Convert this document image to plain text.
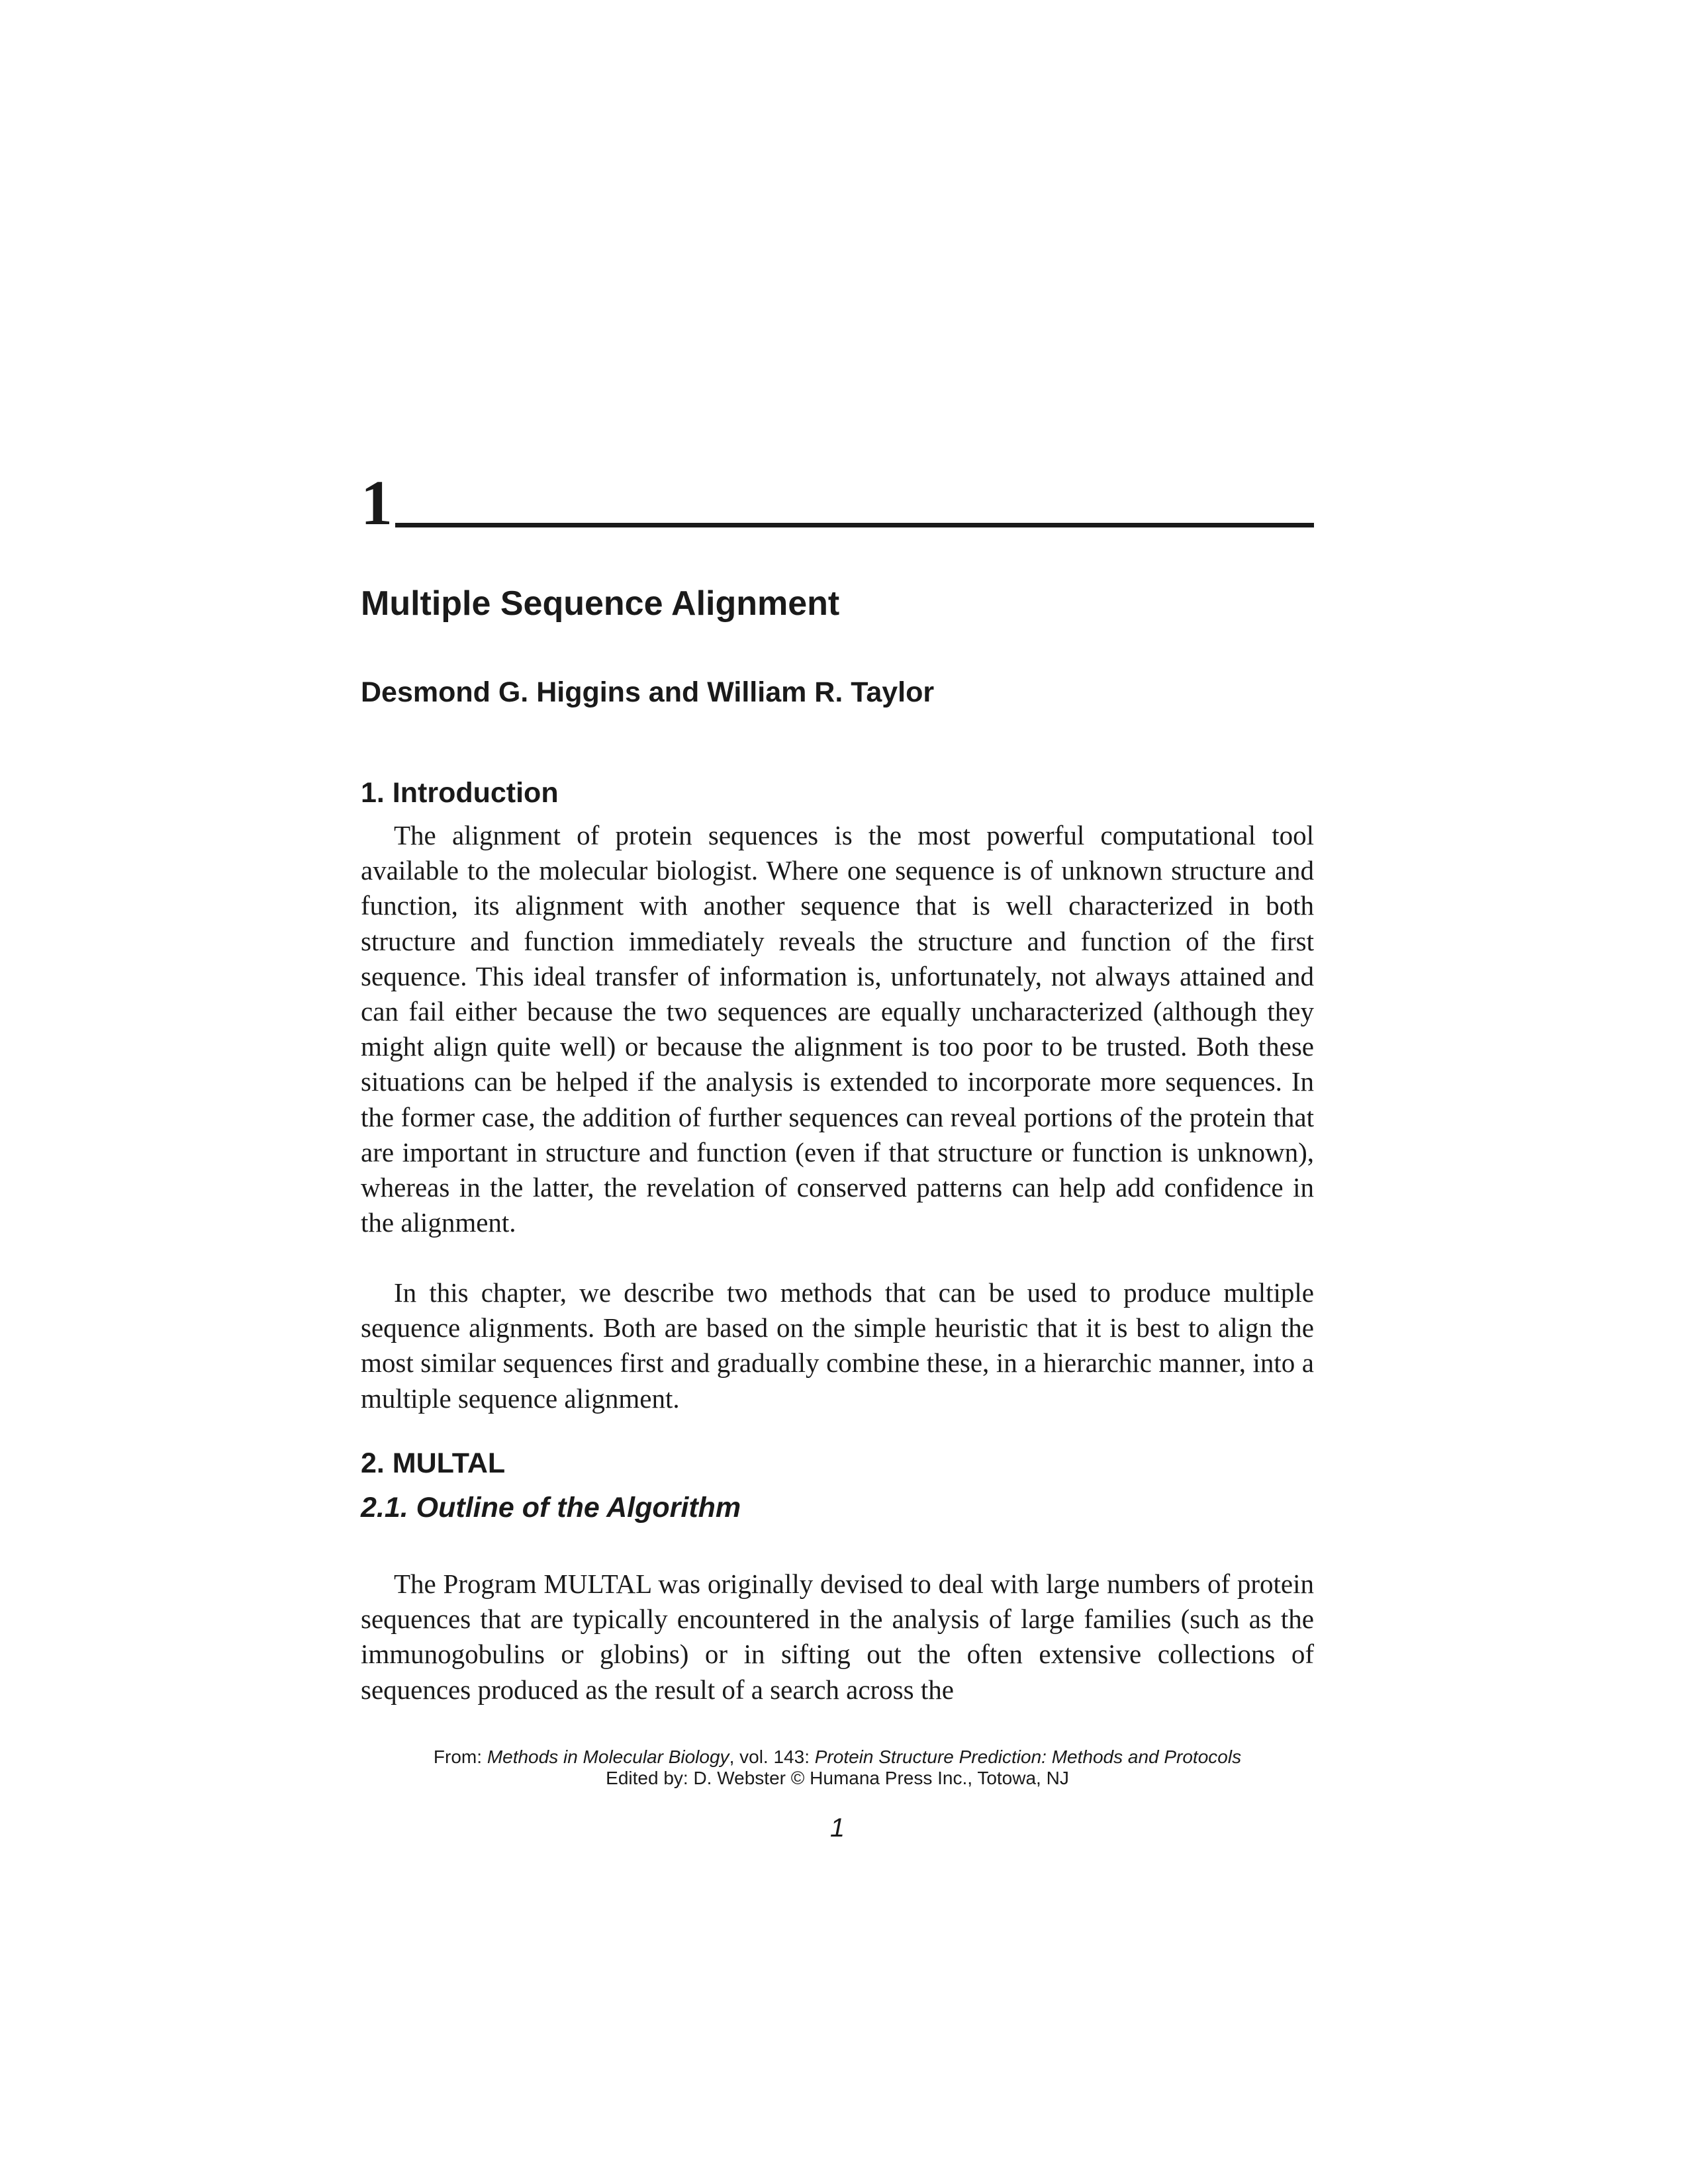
1
Multiple Sequence Alignment

Desmond G. Higgins and William R. Taylor

1. Introduction

The alignment of protein sequences is the most powerful computational tool available to the molecular biologist. Where one sequence is of unknown structure and function, its alignment with another sequence that is well characterized in both structure and function immediately reveals the structure and function of the first sequence. This ideal transfer of information is, unfortunately, not always attained and can fail either because the two sequences are equally uncharacterized (although they might align quite well) or because the alignment is too poor to be trusted. Both these situations can be helped if the analysis is extended to incorporate more sequences. In the former case, the addition of further sequences can reveal portions of the protein that are important in structure and function (even if that structure or function is unknown), whereas in the latter, the revelation of conserved patterns can help add confidence in the alignment.

In this chapter, we describe two methods that can be used to produce multiple sequence alignments. Both are based on the simple heuristic that it is best to align the most similar sequences first and gradually combine these, in a hierarchic manner, into a multiple sequence alignment.

2. MULTAL
2.1. Outline of the Algorithm

The Program MULTAL was originally devised to deal with large numbers of protein sequences that are typically encountered in the analysis of large families (such as the immunogobulins or globins) or in sifting out the often extensive collections of sequences produced as the result of a search across the

From: Methods in Molecular Biology, vol. 143: Protein Structure Prediction: Methods and Protocols
Edited by: D. Webster © Humana Press Inc., Totowa, NJ
1
